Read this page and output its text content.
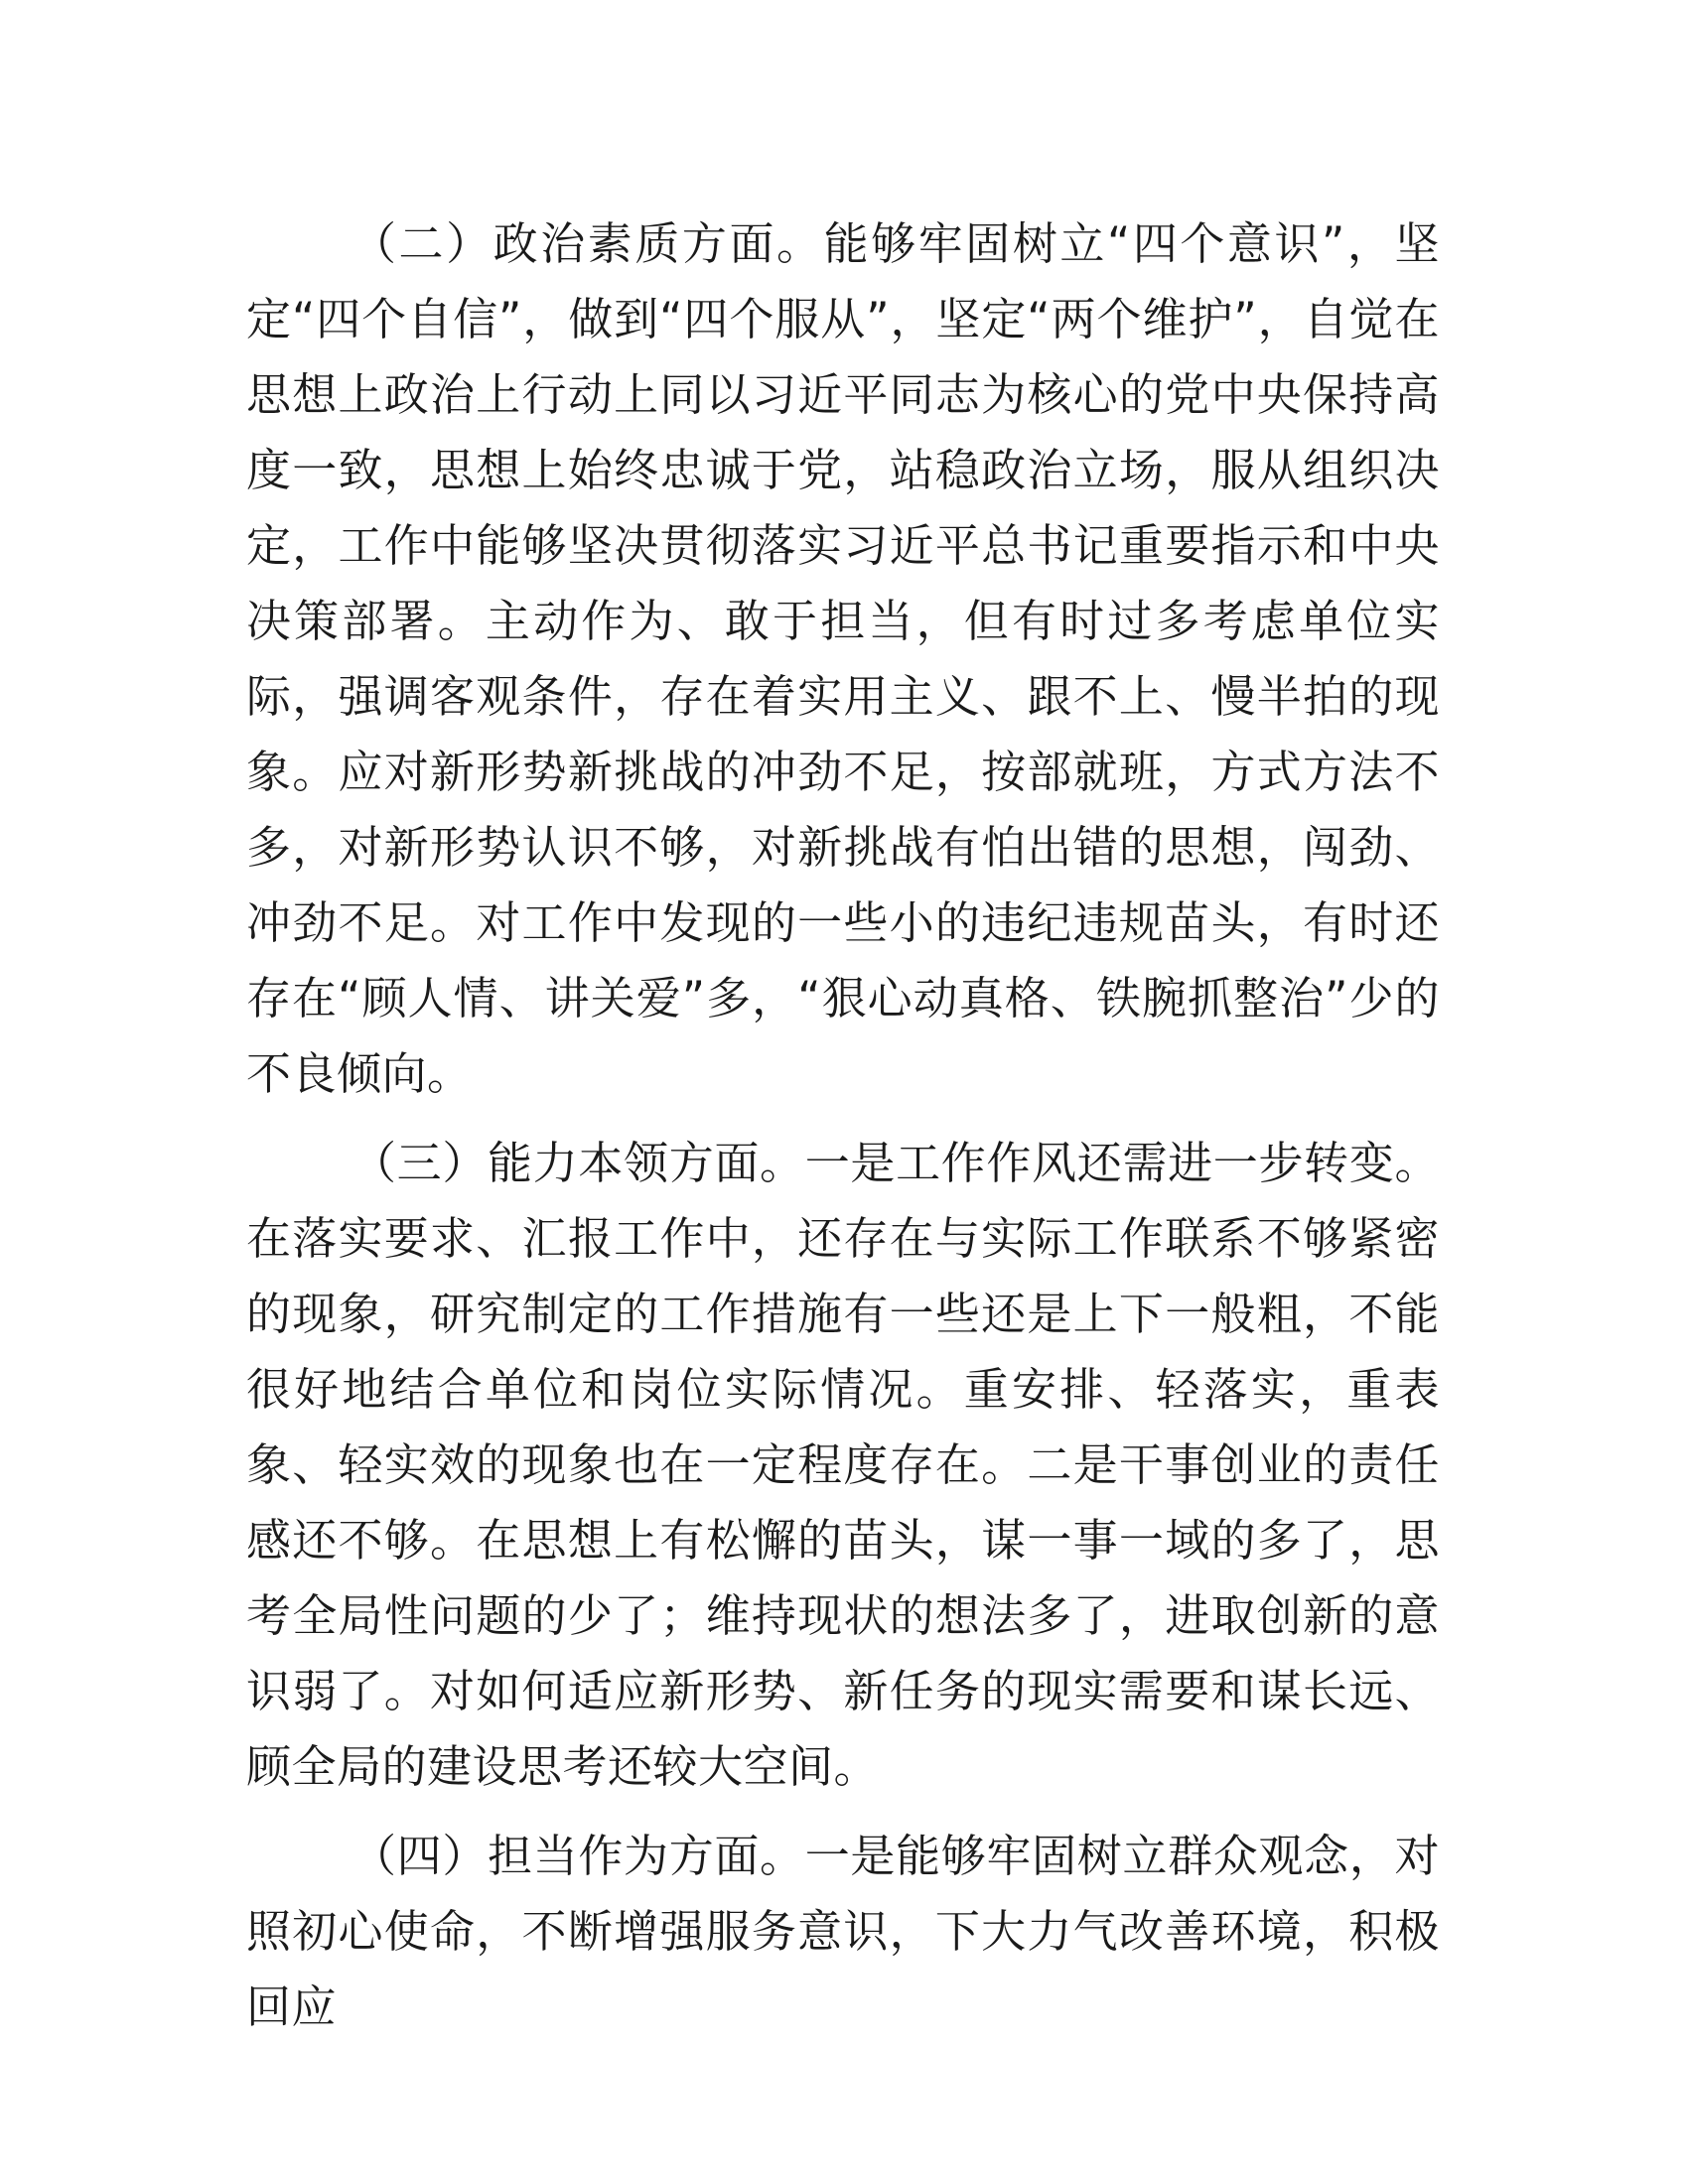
（二）政治素质方面。能够牢固树立“四个意识”，坚定“四个自信”，做到“四个服从”，坚定“两个维护”，自觉在思想上政治上行动上同以习近平同志为核心的党中央保持高度一致，思想上始终忠诚于党，站稳政治立场，服从组织决定，工作中能够坚决贯彻落实习近平总书记重要指示和中央决策部署。主动作为、敢于担当，但有时过多考虑单位实际，强调客观条件，存在着实用主义、跟不上、慢半拍的现象。应对新形势新挑战的冲劲不足，按部就班，方式方法不多，对新形势认识不够，对新挑战有怕出错的思想，闯劲、冲劲不足。对工作中发现的一些小的违纪违规苗头，有时还存在“顾人情、讲关爱”多，“狠心动真格、铁腕抓整治”少的不良倾向。

（三）能力本领方面。一是工作作风还需进一步转变。在落实要求、汇报工作中，还存在与实际工作联系不够紧密的现象，研究制定的工作措施有一些还是上下一般粗，不能很好地结合单位和岗位实际情况。重安排、轻落实，重表象、轻实效的现象也在一定程度存在。二是干事创业的责任感还不够。在思想上有松懈的苗头，谋一事一域的多了，思考全局性问题的少了；维持现状的想法多了，进取创新的意识弱了。对如何适应新形势、新任务的现实需要和谋长远、顾全局的建设思考还较大空间。

（四）担当作为方面。一是能够牢固树立群众观念，对照初心使命，不断增强服务意识，下大力气改善环境，积极回应
